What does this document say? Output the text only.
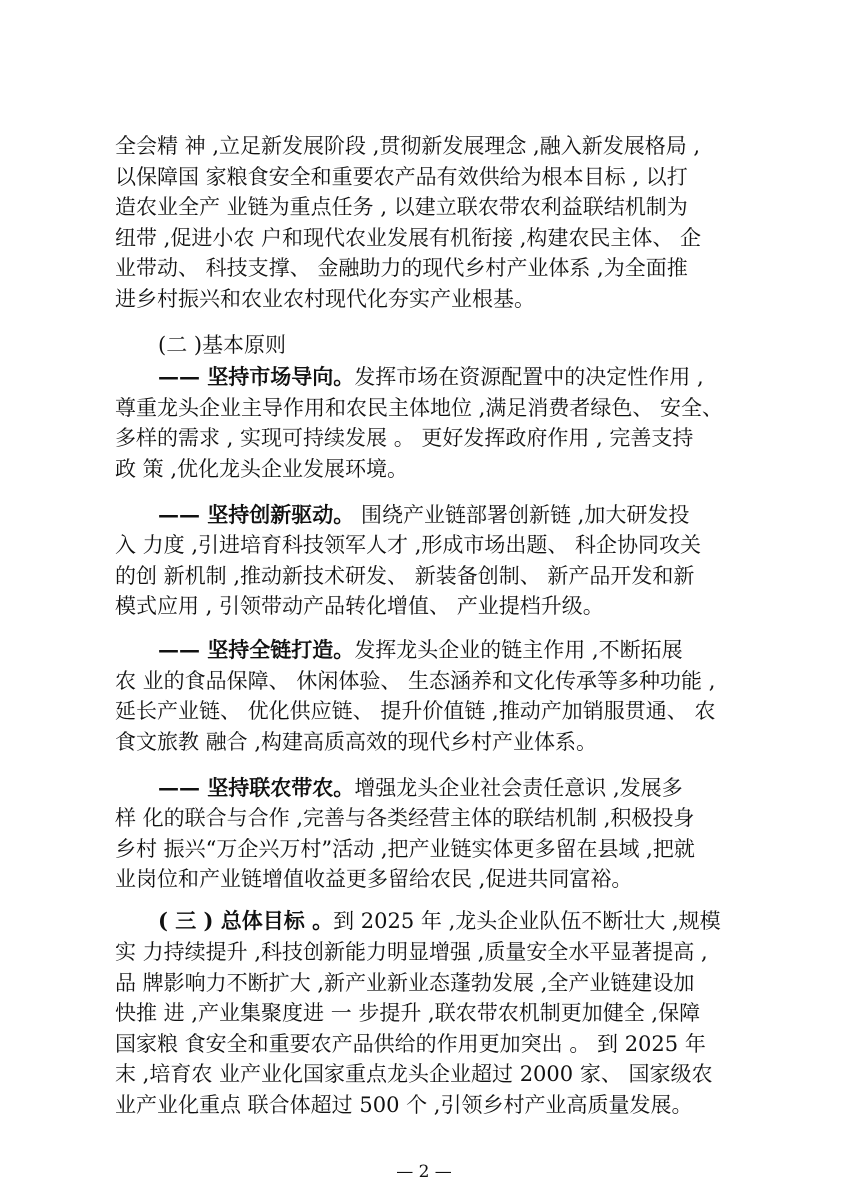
全会精 神 ,立足新发展阶段 ,贯彻新发展理念 ,融入新发展格局 ,
以保障国 家粮食安全和重要农产品有效供给为根本目标 , 以打
造农业全产 业链为重点任务 , 以建立联农带农利益联结机制为
纽带 ,促进小农 户和现代农业发展有机衔接 ,构建农民主体、 企
业带动、 科技支撑、 金融助力的现代乡村产业体系 ,为全面推
进乡村振兴和农业农村现代化夯实产业根基。
(二 )基本原则
—— 坚持市场导向。发挥市场在资源配置中的决定性作用 ,
尊重龙头企业主导作用和农民主体地位 ,满足消费者绿色、 安全、
多样的需求 , 实现可持续发展 。 更好发挥政府作用 , 完善支持
政 策 ,优化龙头企业发展环境。
—— 坚持创新驱动。 围绕产业链部署创新链 ,加大研发投
入 力度 ,引进培育科技领军人才 ,形成市场出题、 科企协同攻关
的创 新机制 ,推动新技术研发、 新装备创制、 新产品开发和新
模式应用 , 引领带动产品转化增值、 产业提档升级。
—— 坚持全链打造。发挥龙头企业的链主作用 ,不断拓展
农 业的食品保障、 休闲体验、 生态涵养和文化传承等多种功能 ,
延长产业链、 优化供应链、 提升价值链 ,推动产加销服贯通、 农
食文旅教 融合 ,构建高质高效的现代乡村产业体系。
—— 坚持联农带农。增强龙头企业社会责任意识 ,发展多
样 化的联合与合作 ,完善与各类经营主体的联结机制 ,积极投身
乡村 振兴“万企兴万村”活动 ,把产业链实体更多留在县域 ,把就
业岗位和产业链增值收益更多留给农民 ,促进共同富裕。
( 三 ) 总体目标 。到 2025 年 ,龙头企业队伍不断壮大 ,规模
实 力持续提升 ,科技创新能力明显增强 ,质量安全水平显著提高 ,
品 牌影响力不断扩大 ,新产业新业态蓬勃发展 ,全产业链建设加
快推 进 ,产业集聚度进 一 步提升 ,联农带农机制更加健全 ,保障
国家粮 食安全和重要农产品供给的作用更加突出 。 到 2025 年
末 ,培育农 业产业化国家重点龙头企业超过 2000 家、 国家级农
业产业化重点 联合体超过 500 个 ,引领乡村产业高质量发展。
— 2 —
